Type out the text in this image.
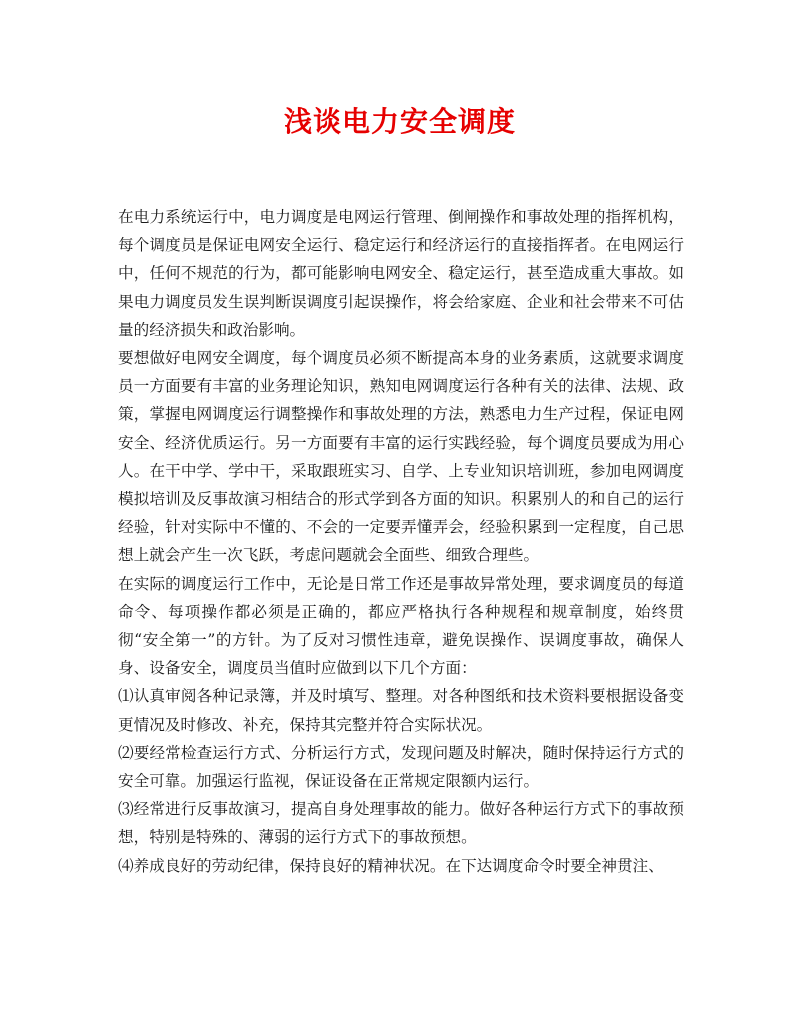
浅谈电力安全调度

在电力系统运行中，电力调度是电网运行管理、倒闸操作和事故处理的指挥机构，每个调度员是保证电网安全运行、稳定运行和经济运行的直接指挥者。在电网运行中，任何不规范的行为，都可能影响电网安全、稳定运行，甚至造成重大事故。如果电力调度员发生误判断误调度引起误操作，将会给家庭、企业和社会带来不可估量的经济损失和政治影响。

要想做好电网安全调度，每个调度员必须不断提高本身的业务素质，这就要求调度员一方面要有丰富的业务理论知识，熟知电网调度运行各种有关的法律、法规、政策，掌握电网调度运行调整操作和事故处理的方法，熟悉电力生产过程，保证电网安全、经济优质运行。另一方面要有丰富的运行实践经验，每个调度员要成为用心人。在干中学、学中干，采取跟班实习、自学、上专业知识培训班，参加电网调度模拟培训及反事故演习相结合的形式学到各方面的知识。积累别人的和自己的运行经验，针对实际中不懂的、不会的一定要弄懂弄会，经验积累到一定程度，自己思想上就会产生一次飞跃，考虑问题就会全面些、细致合理些。

在实际的调度运行工作中，无论是日常工作还是事故异常处理，要求调度员的每道命令、每项操作都必须是正确的，都应严格执行各种规程和规章制度，始终贯彻“安全第一”的方针。为了反对习惯性违章，避免误操作、误调度事故，确保人身、设备安全，调度员当值时应做到以下几个方面：

⑴认真审阅各种记录簿，并及时填写、整理。对各种图纸和技术资料要根据设备变更情况及时修改、补充，保持其完整并符合实际状况。

⑵要经常检查运行方式、分析运行方式，发现问题及时解决，随时保持运行方式的安全可靠。加强运行监视，保证设备在正常规定限额内运行。

⑶经常进行反事故演习，提高自身处理事故的能力。做好各种运行方式下的事故预想，特别是特殊的、薄弱的运行方式下的事故预想。

⑷养成良好的劳动纪律，保持良好的精神状况。在下达调度命令时要全神贯注、
